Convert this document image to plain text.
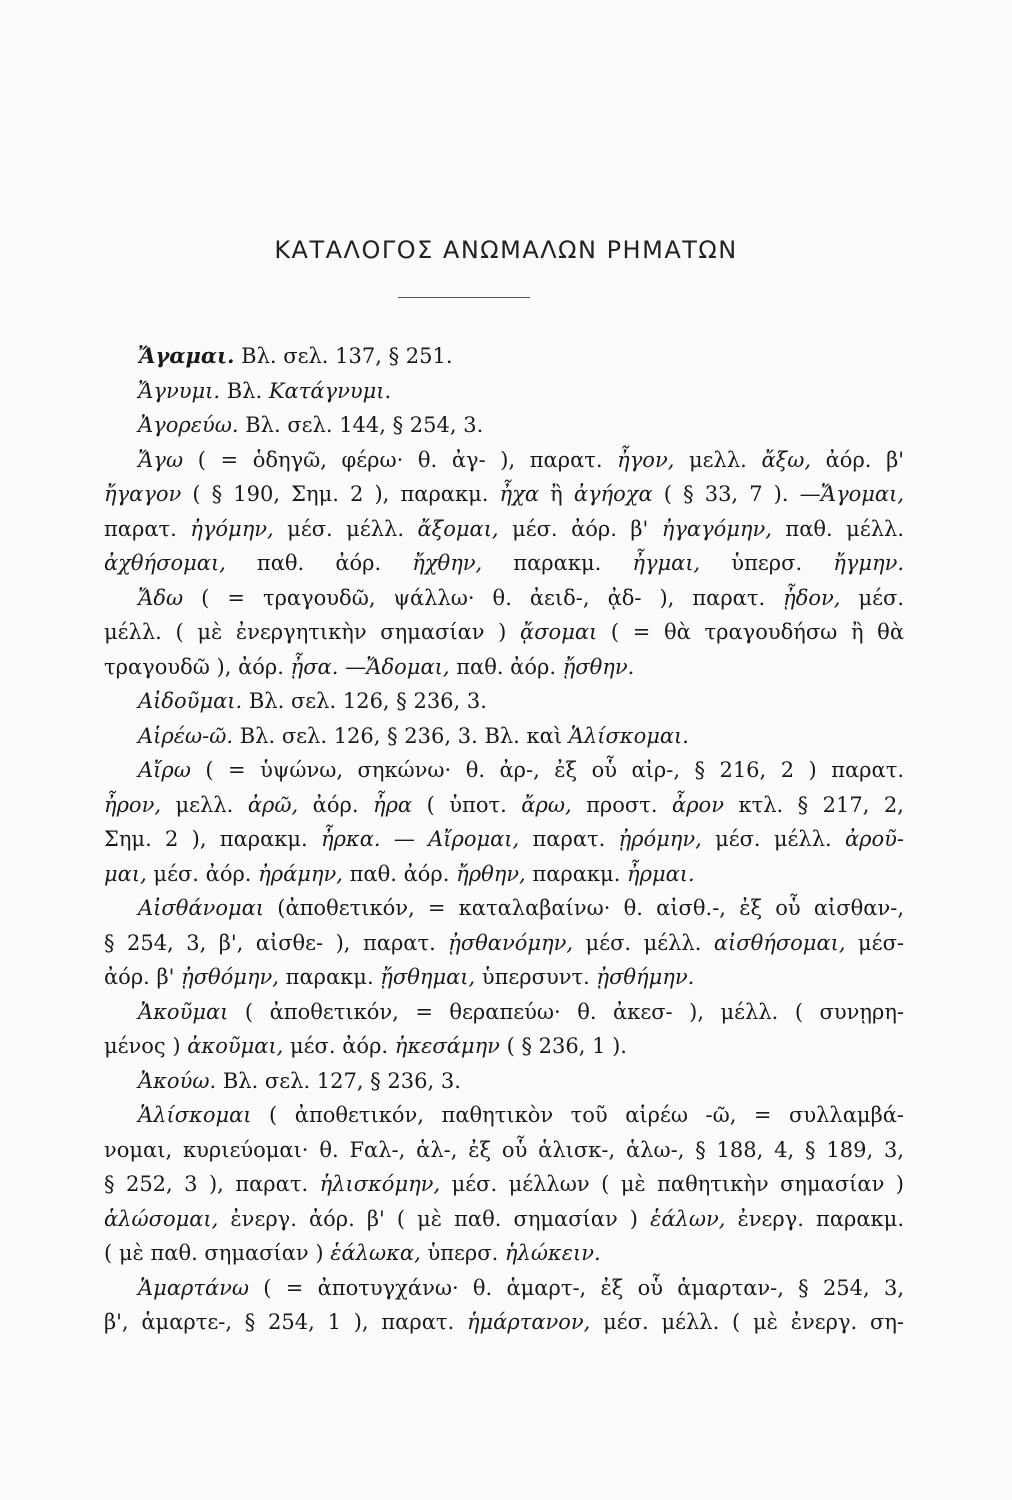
ΚΑΤΑΛΟΓΟΣ ΑΝΩΜΑΛΩΝ ΡΗΜΑΤΩΝ
Ἄγαμαι. Βλ. σελ. 137, § 251.
Ἄγνυμι. Βλ. Κατάγνυμι.
Ἀγορεύω. Βλ. σελ. 144, § 254, 3.
Ἄγω ( = ὁδηγῶ, φέρω· θ. ἀγ- ), παρατ. ἦγον, μελλ. ἄξω, ἀόρ. β'
ἤγαγον ( § 190, Σημ. 2 ), παρακμ. ἦχα ἢ ἀγήοχα ( § 33, 7 ). —Ἄγομαι,
παρατ. ἠγόμην, μέσ. μέλλ. ἄξομαι, μέσ. ἀόρ. β' ἠγαγόμην, παθ. μέλλ.
ἀχθήσομαι, παθ. ἀόρ. ἤχθην, παρακμ. ἦγμαι, ὑπερσ. ἤγμην.
Ἄδω ( = τραγουδῶ, ψάλλω· θ. ἀειδ-, ᾀδ- ), παρατ. ᾖδον, μέσ.
μέλλ. ( μὲ ἐνεργητικὴν σημασίαν ) ᾄσομαι ( = θὰ τραγουδήσω ἢ θὰ
τραγουδῶ ), ἀόρ. ᾖσα. —Ἄδομαι, παθ. ἀόρ. ᾔσθην.
Αἰδοῦμαι. Βλ. σελ. 126, § 236, 3.
Αἱρέω-ῶ. Βλ. σελ. 126, § 236, 3. Βλ. καὶ Ἁλίσκομαι.
Αἴρω ( = ὑψώνω, σηκώνω· θ. ἀρ-, ἐξ οὗ αἰρ-, § 216, 2 ) παρατ.
ἦρον, μελλ. ἀρῶ, ἀόρ. ἦρα ( ὑποτ. ἄρω, προστ. ἆρον κτλ. § 217, 2,
Σημ. 2 ), παρακμ. ἦρκα. — Αἴρομαι, παρατ. ᾐρόμην, μέσ. μέλλ. ἀροῦ-
μαι, μέσ. ἀόρ. ἠράμην, παθ. ἀόρ. ἤρθην, παρακμ. ἦρμαι.
Αἰσθάνομαι (ἀποθετικόν, = καταλαβαίνω· θ. αἰσθ.-, ἐξ οὗ αἰσθαν-,
§ 254, 3, β', αἰσθε- ), παρατ. ᾐσθανόμην, μέσ. μέλλ. αἰσθήσομαι, μέσ-
ἀόρ. β' ᾐσθόμην, παρακμ. ᾔσθημαι, ὑπερσυντ. ᾐσθήμην.
Ἀκοῦμαι ( ἀποθετικόν, = θεραπεύω· θ. ἀκεσ- ), μέλλ. ( συνῃρη-
μένος ) ἀκοῦμαι, μέσ. ἀόρ. ἠκεσάμην ( § 236, 1 ).
Ἀκούω. Βλ. σελ. 127, § 236, 3.
Ἁλίσκομαι ( ἀποθετικόν, παθητικὸν τοῦ αἱρέω -ῶ, = συλλαμβά-
νομαι, κυριεύομαι· θ. Fαλ-, ἁλ-, ἐξ οὗ ἁλισκ-, ἁλω-, § 188, 4, § 189, 3,
§ 252, 3 ), παρατ. ἡλισκόμην, μέσ. μέλλων ( μὲ παθητικὴν σημασίαν )
ἁλώσομαι, ἐνεργ. ἀόρ. β' ( μὲ παθ. σημασίαν ) ἑάλων, ἐνεργ. παρακμ.
( μὲ παθ. σημασίαν ) ἑάλωκα, ὑπερσ. ἡλώκειν.
Ἁμαρτάνω ( = ἀποτυγχάνω· θ. ἁμαρτ-, ἐξ οὗ ἁμαρταν-, § 254, 3,
β', ἁμαρτε-, § 254, 1 ), παρατ. ἡμάρτανον, μέσ. μέλλ. ( μὲ ἐνεργ. ση-
